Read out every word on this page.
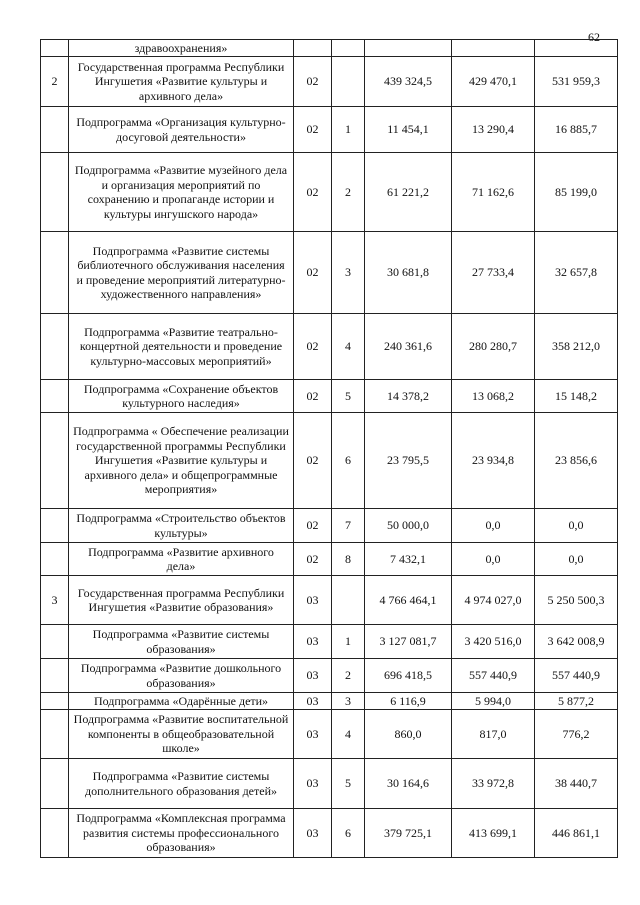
62
	здравоохранения»					
2	Государственная программа Республики Ингушетия «Развитие культуры и архивного дела»	02		439 324,5	429 470,1	531 959,3
	Подпрограмма «Организация культурно-досуговой деятельности»	02	1	11 454,1	13 290,4	16 885,7
	Подпрограмма «Развитие музейного дела и организация мероприятий по сохранению и пропаганде истории и культуры ингушского народа»	02	2	61 221,2	71 162,6	85 199,0
	Подпрограмма «Развитие системы библиотечного обслуживания населения и проведение мероприятий литературно-художественного направления»	02	3	30 681,8	27 733,4	32 657,8
	Подпрограмма «Развитие театрально-концертной деятельности и проведение культурно-массовых мероприятий»	02	4	240 361,6	280 280,7	358 212,0
	Подпрограмма «Сохранение объектов культурного наследия»	02	5	14 378,2	13 068,2	15 148,2
	Подпрограмма « Обеспечение реализации государственной программы Республики Ингушетия «Развитие культуры и архивного дела» и общепрограммные мероприятия»	02	6	23 795,5	23 934,8	23 856,6
	Подпрограмма «Строительство объектов культуры»	02	7	50 000,0	0,0	0,0
	Подпрограмма «Развитие архивного дела»	02	8	7 432,1	0,0	0,0
3	Государственная программа Республики Ингушетия «Развитие образования»	03		4 766 464,1	4 974 027,0	5 250 500,3
	Подпрограмма «Развитие системы образования»	03	1	3 127 081,7	3 420 516,0	3 642 008,9
	Подпрограмма «Развитие дошкольного образования»	03	2	696 418,5	557 440,9	557 440,9
	Подпрограмма «Одарённые дети»	03	3	6 116,9	5 994,0	5 877,2
	Подпрограмма «Развитие воспитательной компоненты в общеобразовательной школе»	03	4	860,0	817,0	776,2
	Подпрограмма «Развитие системы дополнительного образования детей»	03	5	30 164,6	33 972,8	38 440,7
	Подпрограмма «Комплексная программа развития системы профессионального образования»	03	6	379 725,1	413 699,1	446 861,1
